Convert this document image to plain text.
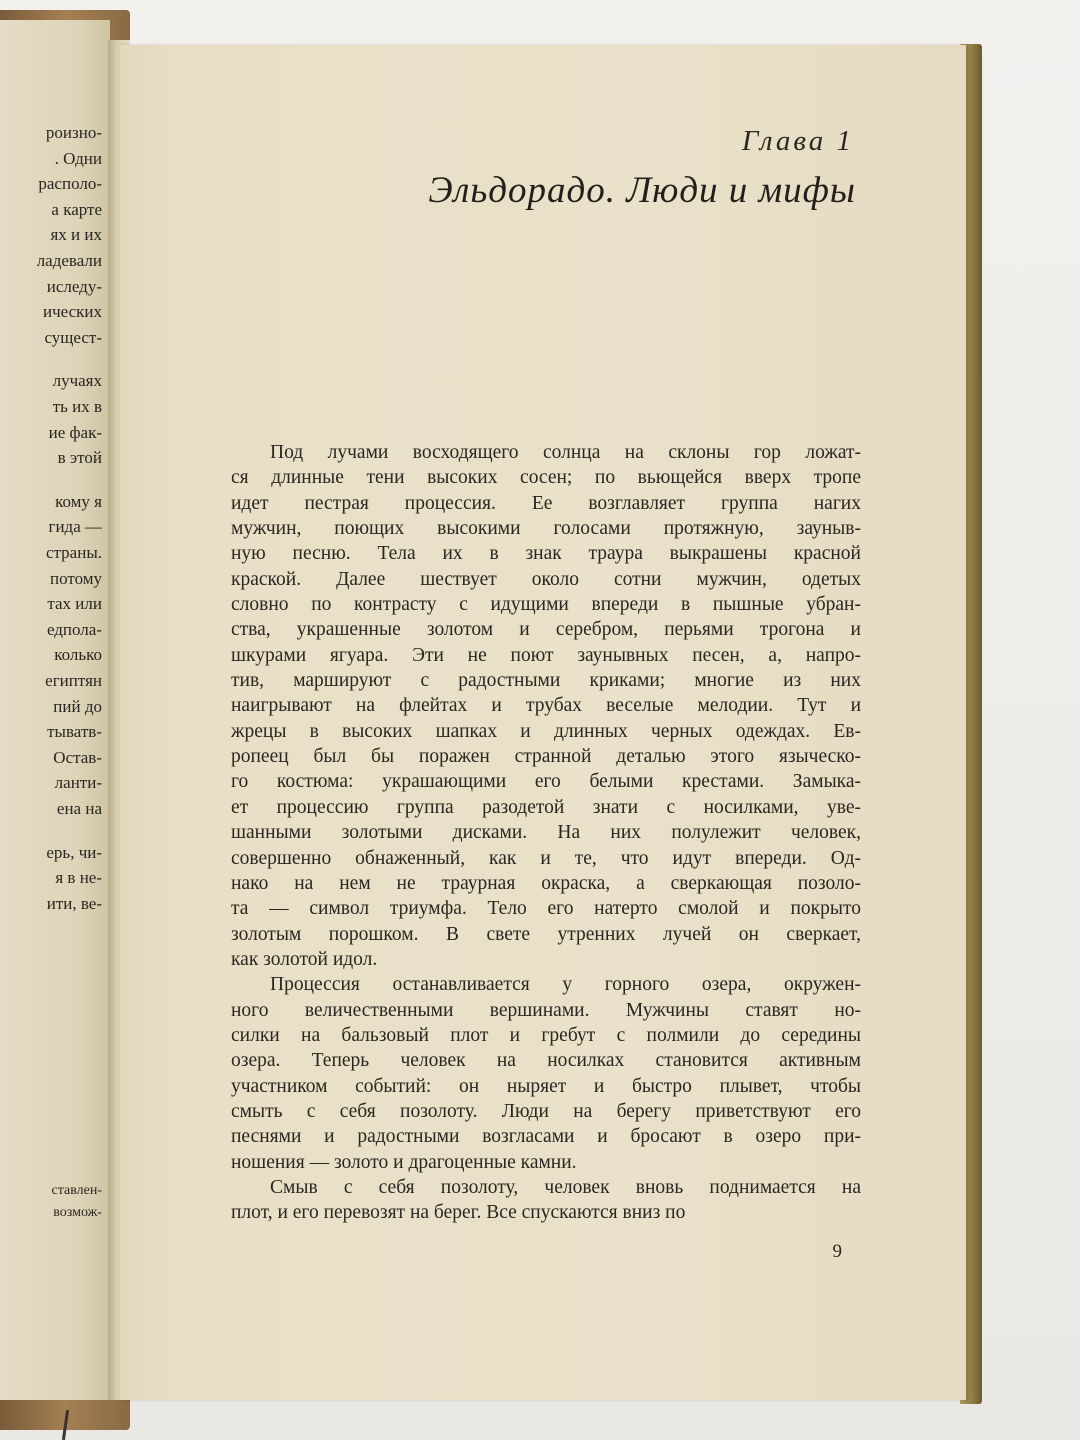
роизно-
. Одни
располо-
а карте
ях и их
ладевали
иследу-
ических
сущест-
лучаях
ть их в
ие фак-
в этой
кому я
гида —
страны.
потому
тах или
едпола-
колько
египтян
пий до
тыватв-
Остав-
ланти-
ена на
ерь, чи-
я в не-
ити, ве-
ставлен-
возмож-
Глава 1
Эльдорадо. Люди и мифы

Под лучами восходящего солнца на склоны гор ложат-
ся длинные тени высоких сосен; по вьющейся вверх тропе
идет пестрая процессия. Ее возглавляет группа нагих
мужчин, поющих высокими голосами протяжную, зауныв-
ную песню. Тела их в знак траура выкрашены красной
краской. Далее шествует около сотни мужчин, одетых
словно по контрасту с идущими впереди в пышные убран-
ства, украшенные золотом и серебром, перьями трогона и
шкурами ягуара. Эти не поют заунывных песен, а, напро-
тив, маршируют с радостными криками; многие из них
наигрывают на флейтах и трубах веселые мелодии. Тут и
жрецы в высоких шапках и длинных черных одеждах. Ев-
ропеец был бы поражен странной деталью этого языческо-
го костюма: украшающими его белыми крестами. Замыка-
ет процессию группа разодетой знати с носилками, уве-
шанными золотыми дисками. На них полулежит человек,
совершенно обнаженный, как и те, что идут впереди. Од-
нако на нем не траурная окраска, а сверкающая позоло-
та — символ триумфа. Тело его натерто смолой и покрыто
золотым порошком. В свете утренних лучей он сверкает,
как золотой идол.

Процессия останавливается у горного озера, окружен-
ного величественными вершинами. Мужчины ставят но-
силки на бальзовый плот и гребут с полмили до середины
озера. Теперь человек на носилках становится активным
участником событий: он ныряет и быстро плывет, чтобы
смыть с себя позолоту. Люди на берегу приветствуют его
песнями и радостными возгласами и бросают в озеро при-
ношения — золото и драгоценные камни.

Смыв с себя позолоту, человек вновь поднимается на
плот, и его перевозят на берег. Все спускаются вниз по

9
